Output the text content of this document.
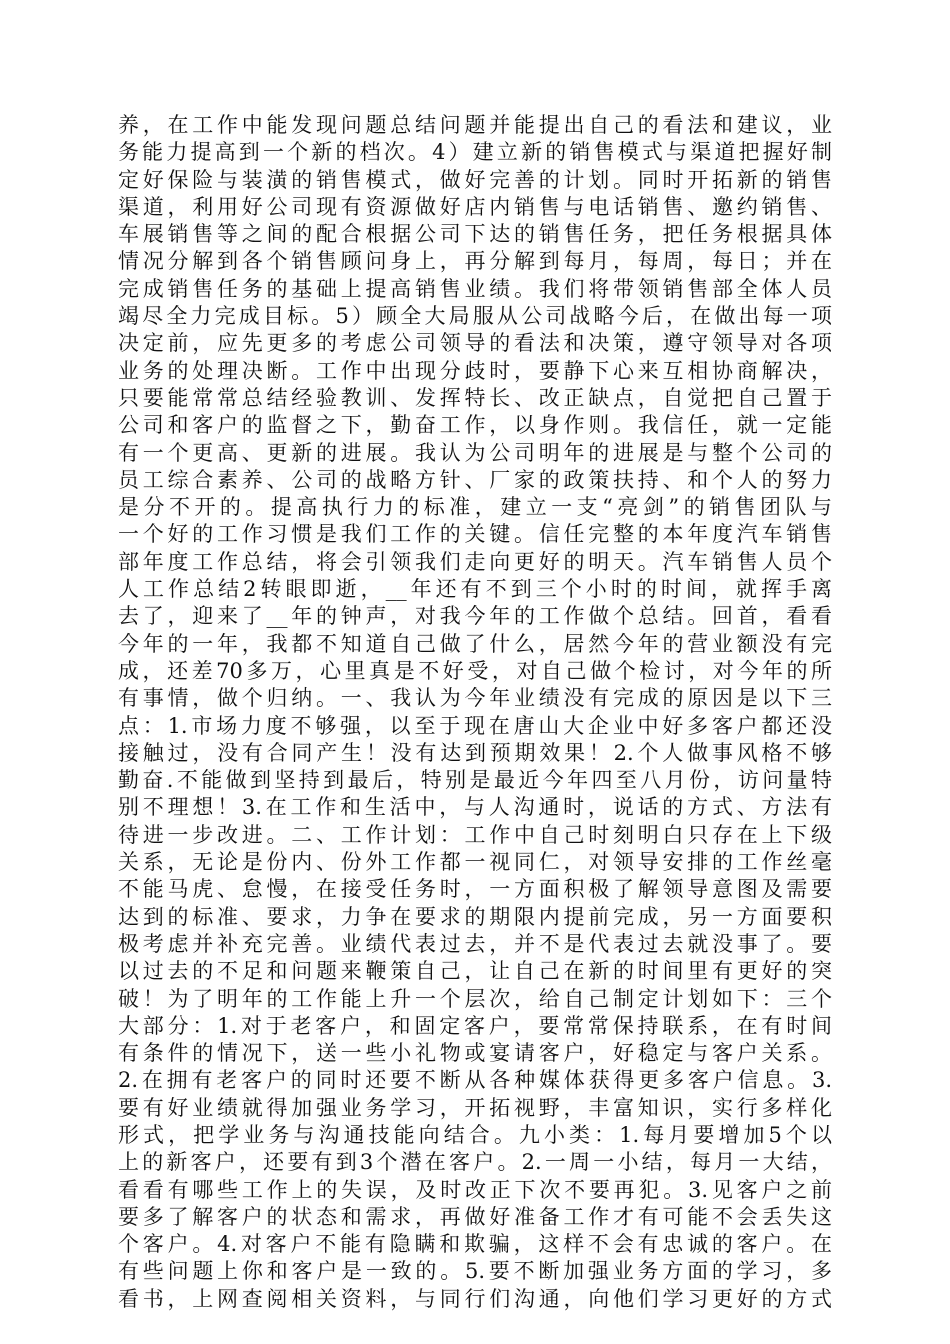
养，在工作中能发现问题总结问题并能提出自己的看法和建议，业
务能力提高到一个新的档次。4）建立新的销售模式与渠道把握好制
定好保险与装潢的销售模式，做好完善的计划。同时开拓新的销售
渠道，利用好公司现有资源做好店内销售与电话销售、邀约销售、
车展销售等之间的配合根据公司下达的销售任务，把任务根据具体
情况分解到各个销售顾问身上，再分解到每月，每周，每日；并在
完成销售任务的基础上提高销售业绩。我们将带领销售部全体人员
竭尽全力完成目标。5）顾全大局服从公司战略今后，在做出每一项
决定前，应先更多的考虑公司领导的看法和决策，遵守领导对各项
业务的处理决断。工作中出现分歧时，要静下心来互相协商解决，
只要能常常总结经验教训、发挥特长、改正缺点，自觉把自己置于
公司和客户的监督之下，勤奋工作，以身作则。我信任，就一定能
有一个更高、更新的进展。我认为公司明年的进展是与整个公司的
员工综合素养、公司的战略方针、厂家的政策扶持、和个人的努力
是分不开的。提高执行力的标准，建立一支“亮剑”的销售团队与
一个好的工作习惯是我们工作的关键。信任完整的本年度汽车销售
部年度工作总结，将会引领我们走向更好的明天。汽车销售人员个
人工作总结2转眼即逝，__年还有不到三个小时的时间，就挥手离
去了，迎来了__年的钟声，对我今年的工作做个总结。回首，看看
今年的一年，我都不知道自己做了什么，居然今年的营业额没有完
成，还差70多万，心里真是不好受，对自己做个检讨，对今年的所
有事情，做个归纳。一、我认为今年业绩没有完成的原因是以下三
点：1.市场力度不够强，以至于现在唐山大企业中好多客户都还没
接触过，没有合同产生！没有达到预期效果！2.个人做事风格不够
勤奋.不能做到坚持到最后，特别是最近今年四至八月份，访问量特
别不理想！3.在工作和生活中，与人沟通时，说话的方式、方法有
待进一步改进。二、工作计划：工作中自己时刻明白只存在上下级
关系，无论是份内、份外工作都一视同仁，对领导安排的工作丝毫
不能马虎、怠慢，在接受任务时，一方面积极了解领导意图及需要
达到的标准、要求，力争在要求的期限内提前完成，另一方面要积
极考虑并补充完善。业绩代表过去，并不是代表过去就没事了。要
以过去的不足和问题来鞭策自己，让自己在新的时间里有更好的突
破！为了明年的工作能上升一个层次，给自己制定计划如下：三个
大部分：1.对于老客户，和固定客户，要常常保持联系，在有时间
有条件的情况下，送一些小礼物或宴请客户，好稳定与客户关系。
2.在拥有老客户的同时还要不断从各种媒体获得更多客户信息。3.
要有好业绩就得加强业务学习，开拓视野，丰富知识，实行多样化
形式，把学业务与沟通技能向结合。九小类：1.每月要增加5个以
上的新客户，还要有到3个潜在客户。2.一周一小结，每月一大结，
看看有哪些工作上的失误，及时改正下次不要再犯。3.见客户之前
要多了解客户的状态和需求，再做好准备工作才有可能不会丢失这
个客户。4.对客户不能有隐瞒和欺骗，这样不会有忠诚的客户。在
有些问题上你和客户是一致的。5.要不断加强业务方面的学习，多
看书，上网查阅相关资料，与同行们沟通，向他们学习更好的方式
